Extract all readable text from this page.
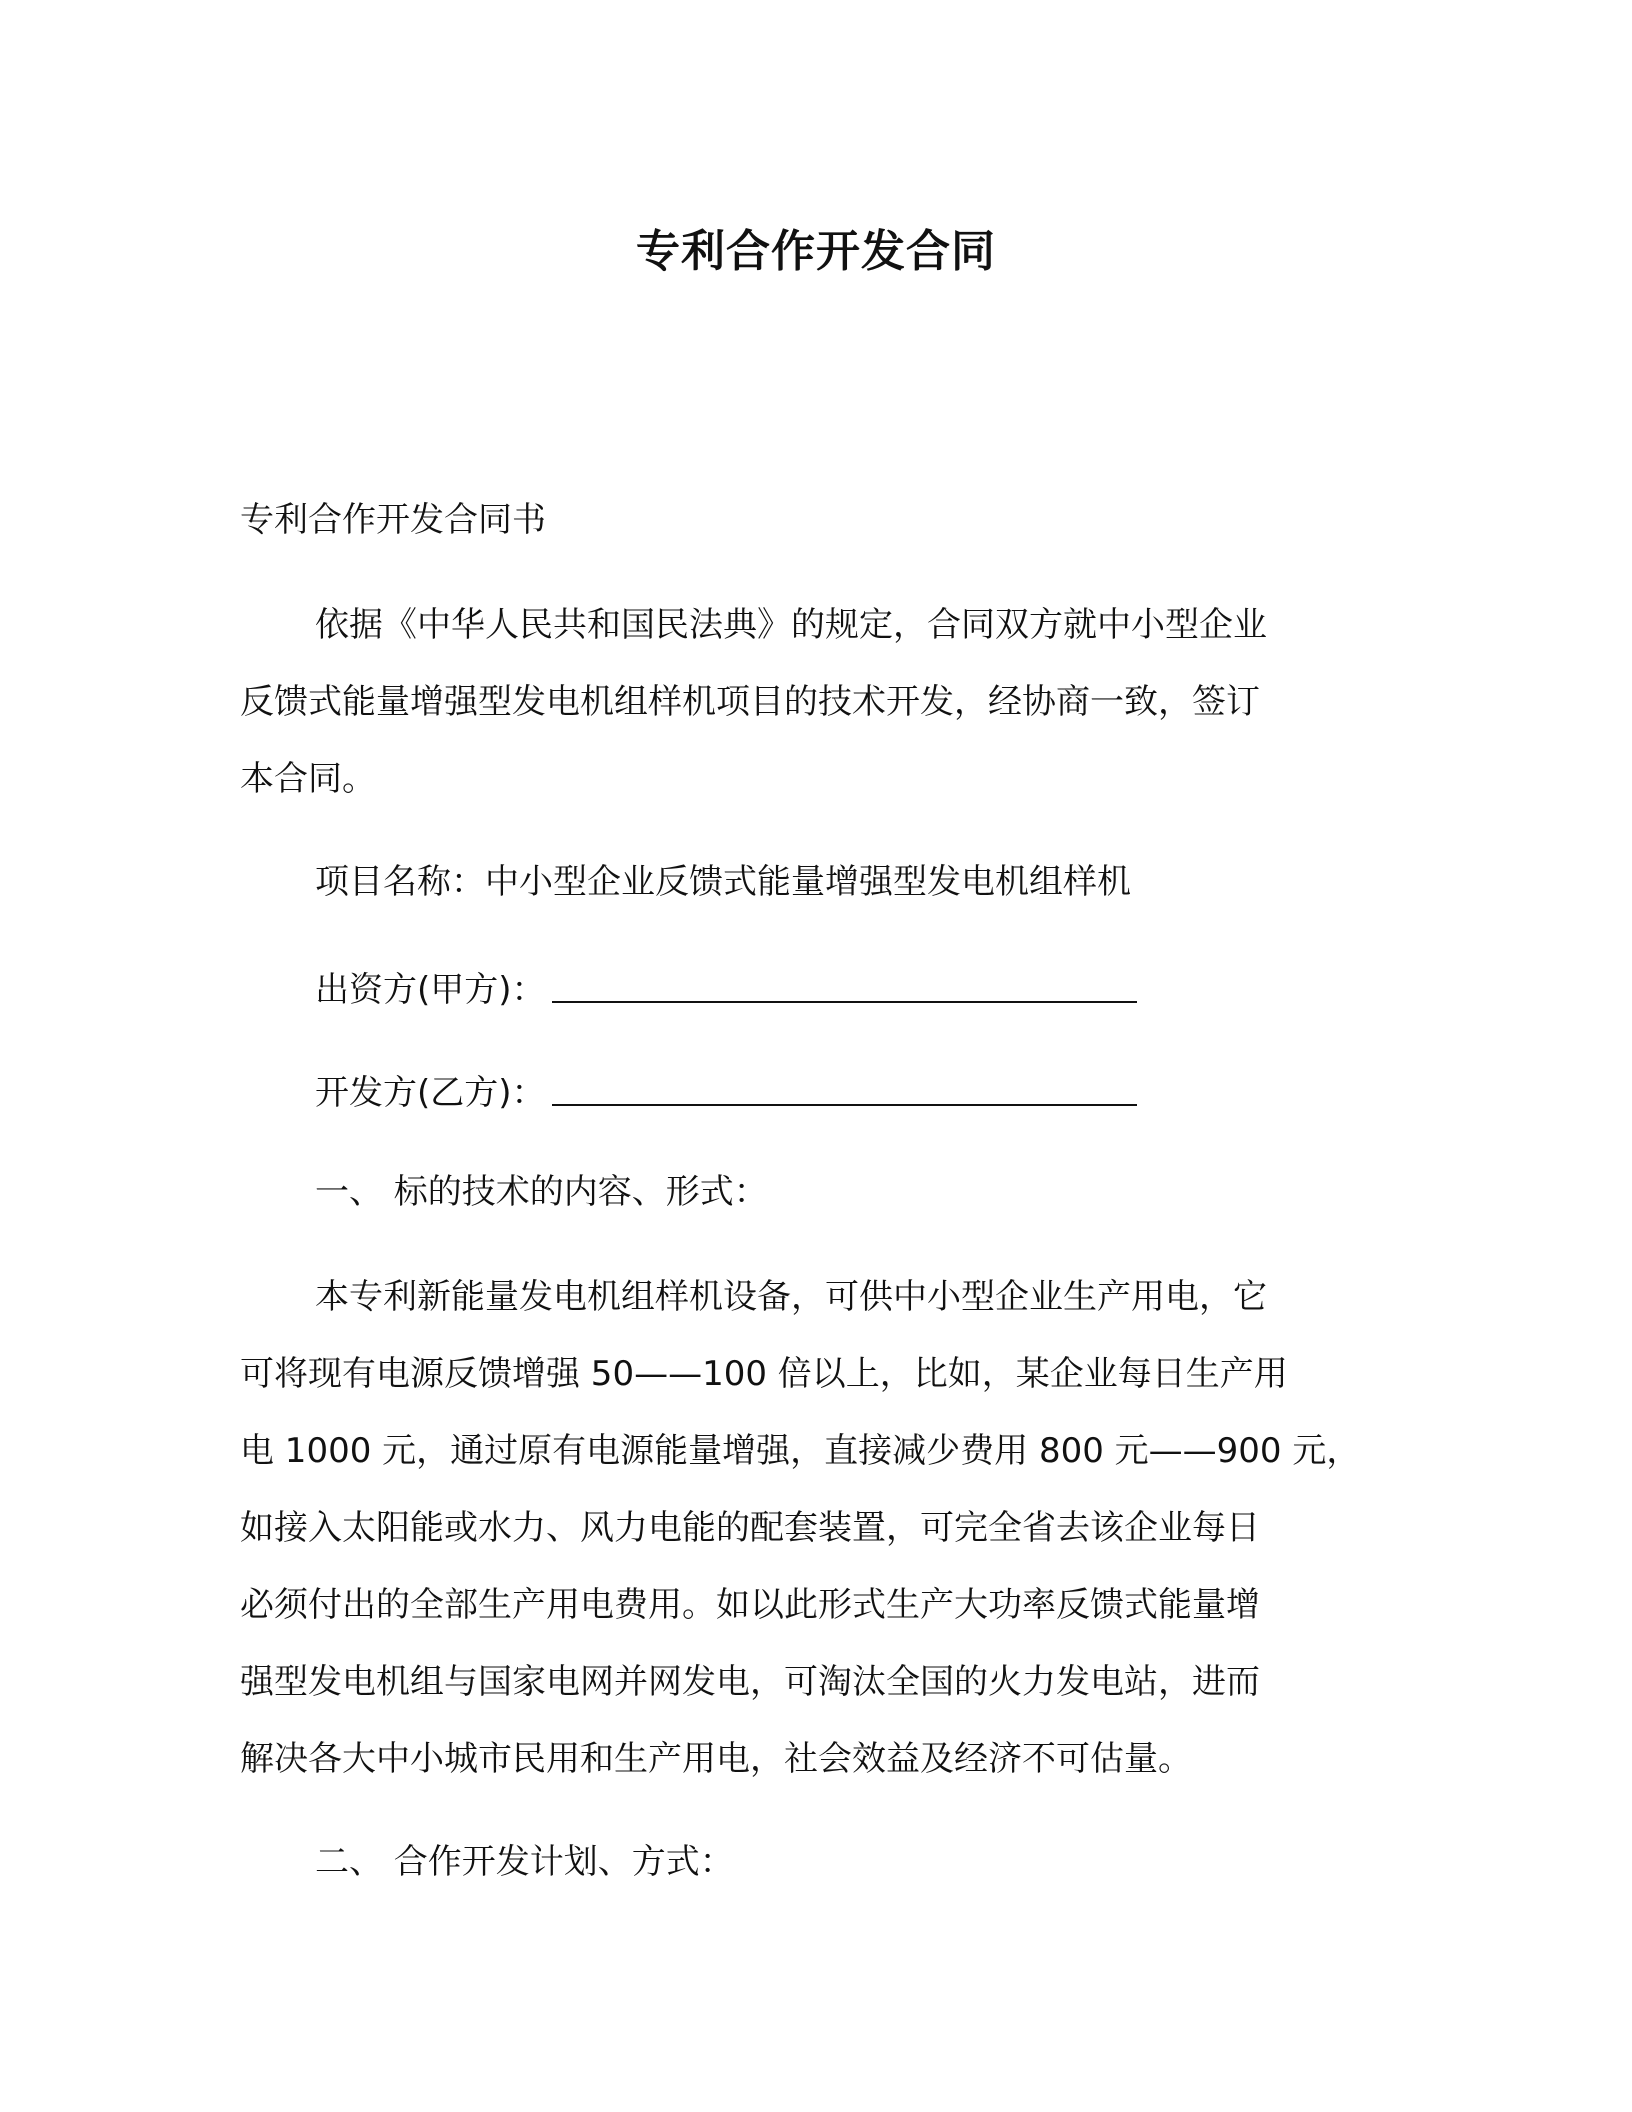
专利合作开发合同
专利合作开发合同书
依据《中华人民共和国民法典》的规定，合同双方就中小型企业
反馈式能量增强型发电机组样机项目的技术开发，经协商一致，签订
本合同。
项目名称：中小型企业反馈式能量增强型发电机组样机
出资方(甲方)：
开发方(乙方)：
一、 标的技术的内容、形式：
本专利新能量发电机组样机设备，可供中小型企业生产用电，它
可将现有电源反馈增强 50——100 倍以上，比如，某企业每日生产用
电 1000 元，通过原有电源能量增强，直接减少费用 800 元——900 元，
如接入太阳能或水力、风力电能的配套装置，可完全省去该企业每日
必须付出的全部生产用电费用。如以此形式生产大功率反馈式能量增
强型发电机组与国家电网并网发电，可淘汰全国的火力发电站，进而
解决各大中小城市民用和生产用电，社会效益及经济不可估量。
二、 合作开发计划、方式：
